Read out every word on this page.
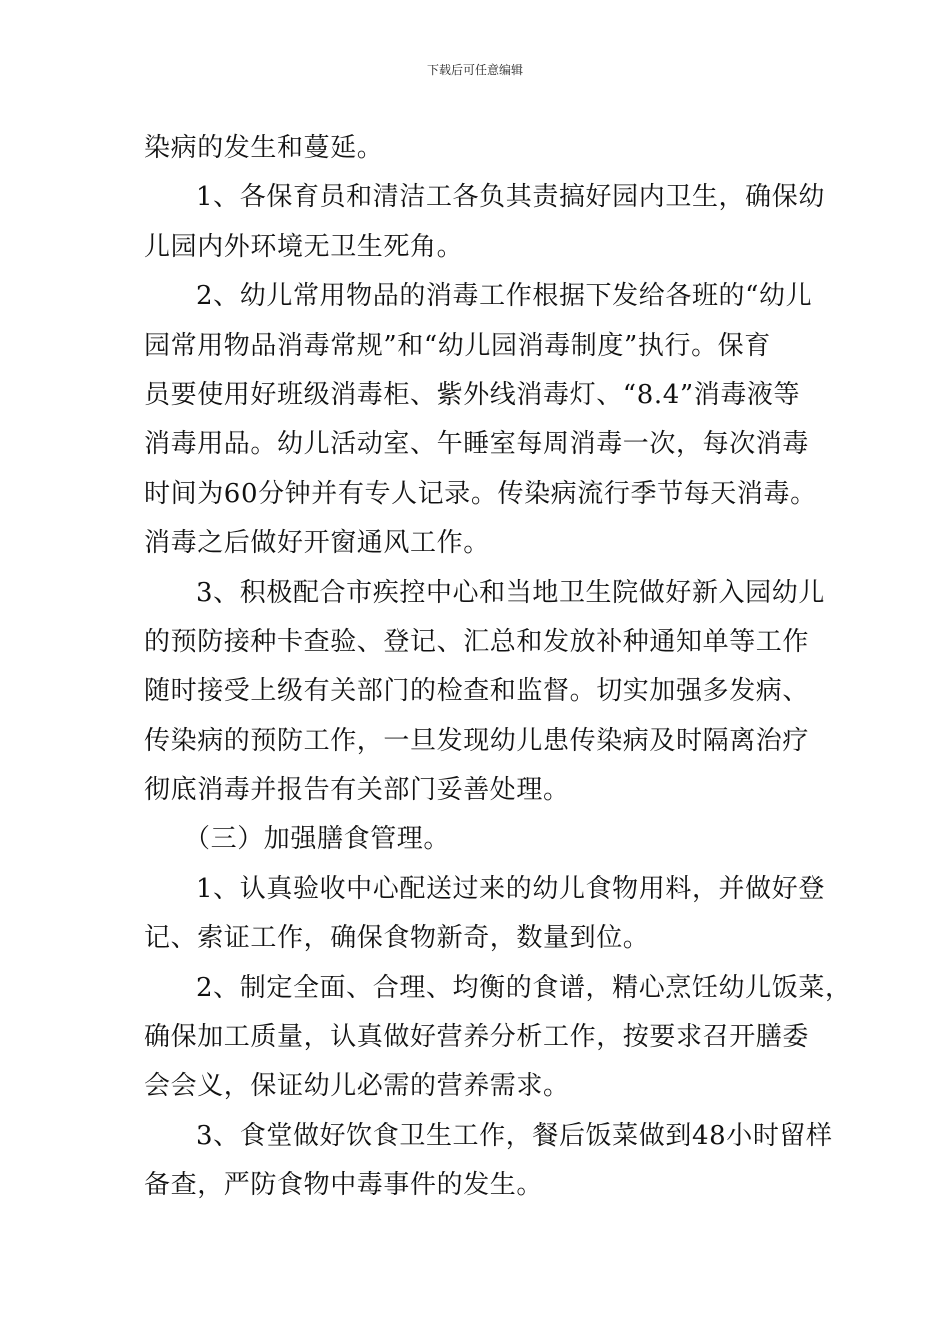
下载后可任意编辑

染病的发生和蔓延。

1、各保育员和清洁工各负其责搞好园内卫生，确保幼
儿园内外环境无卫生死角。

2、幼儿常用物品的消毒工作根据下发给各班的“幼儿
园常用物品消毒常规”和“幼儿园消毒制度”执行。保育
员要使用好班级消毒柜、紫外线消毒灯、“8.4”消毒液等
消毒用品。幼儿活动室、午睡室每周消毒一次，每次消毒
时间为60分钟并有专人记录。传染病流行季节每天消毒。
消毒之后做好开窗通风工作。

3、积极配合市疾控中心和当地卫生院做好新入园幼儿
的预防接种卡查验、登记、汇总和发放补种通知单等工作
随时接受上级有关部门的检查和监督。切实加强多发病、
传染病的预防工作，一旦发现幼儿患传染病及时隔离治疗
彻底消毒并报告有关部门妥善处理。

（三）加强膳食管理。

1、认真验收中心配送过来的幼儿食物用料，并做好登
记、索证工作，确保食物新奇，数量到位。

2、制定全面、合理、均衡的食谱，精心烹饪幼儿饭菜，
确保加工质量，认真做好营养分析工作，按要求召开膳委
会会义，保证幼儿必需的营养需求。

3、食堂做好饮食卫生工作，餐后饭菜做到48小时留样
备查，严防食物中毒事件的发生。
